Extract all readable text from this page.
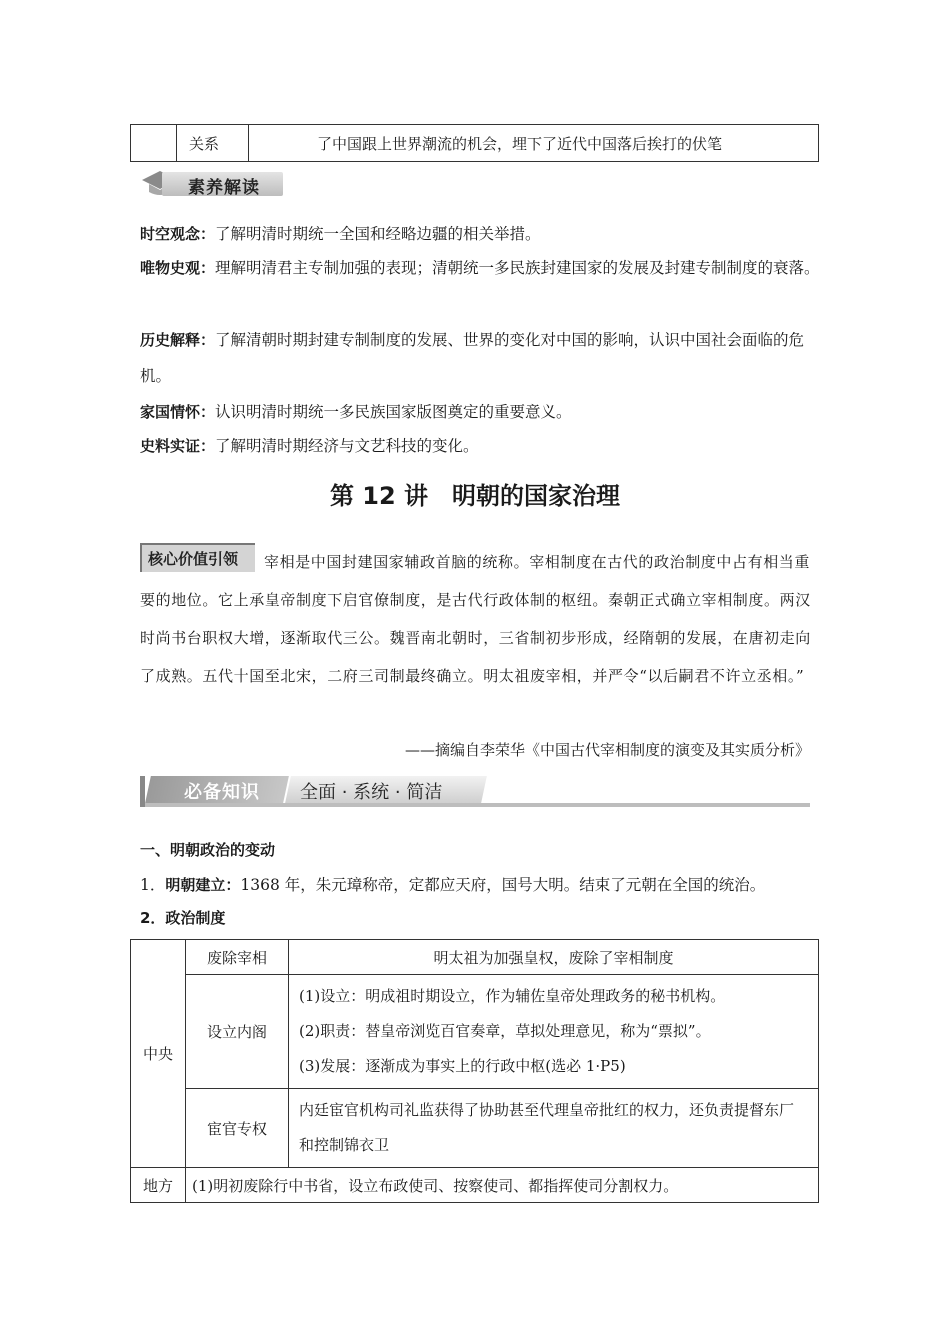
	关系	了中国跟上世界潮流的机会，埋下了近代中国落后挨打的伏笔
素养解读
时空观念：了解明清时期统一全国和经略边疆的相关举措。
唯物史观：理解明清君主专制加强的表现；清朝统一多民族封建国家的发展及封建专制制度的衰落。
历史解释：了解清朝时期封建专制制度的发展、世界的变化对中国的影响，认识中国社会面临的危机。
家国情怀：认识明清时期统一多民族国家版图奠定的重要意义。
史料实证：了解明清时期经济与文艺科技的变化。
第 12 讲　明朝的国家治理
宰相是中国封建国家辅政首脑的统称。宰相制度在古代的政治制度中占有相当重要的地位。它上承皇帝制度下启官僚制度，是古代行政体制的枢纽。秦朝正式确立宰相制度。两汉时尚书台职权大增，逐渐取代三公。魏晋南北朝时，三省制初步形成，经隋朝的发展，在唐初走向了成熟。五代十国至北宋，二府三司制最终确立。明太祖废宰相，并严令“以后嗣君不许立丞相。”
核心价值引领
——摘编自李荣华《中国古代宰相制度的演变及其实质分析》
必备知识 全面 · 系统 · 简洁
一、明朝政治的变动
1．明朝建立：1368 年，朱元璋称帝，定都应天府，国号大明。结束了元朝在全国的统治。
2．政治制度
中央	废除宰相	明太祖为加强皇权，废除了宰相制度
	设立内阁	(1)设立：明成祖时期设立，作为辅佐皇帝处理政务的秘书机构。
(2)职责：替皇帝浏览百官奏章，草拟处理意见，称为“票拟”。
(3)发展：逐渐成为事实上的行政中枢(选必 1·P5)

	宦官专权	内廷宦官机构司礼监获得了协助甚至代理皇帝批红的权力，还负责提督东厂和控制锦衣卫
地方	(1)明初废除行中书省，设立布政使司、按察使司、都指挥使司分割权力。	
